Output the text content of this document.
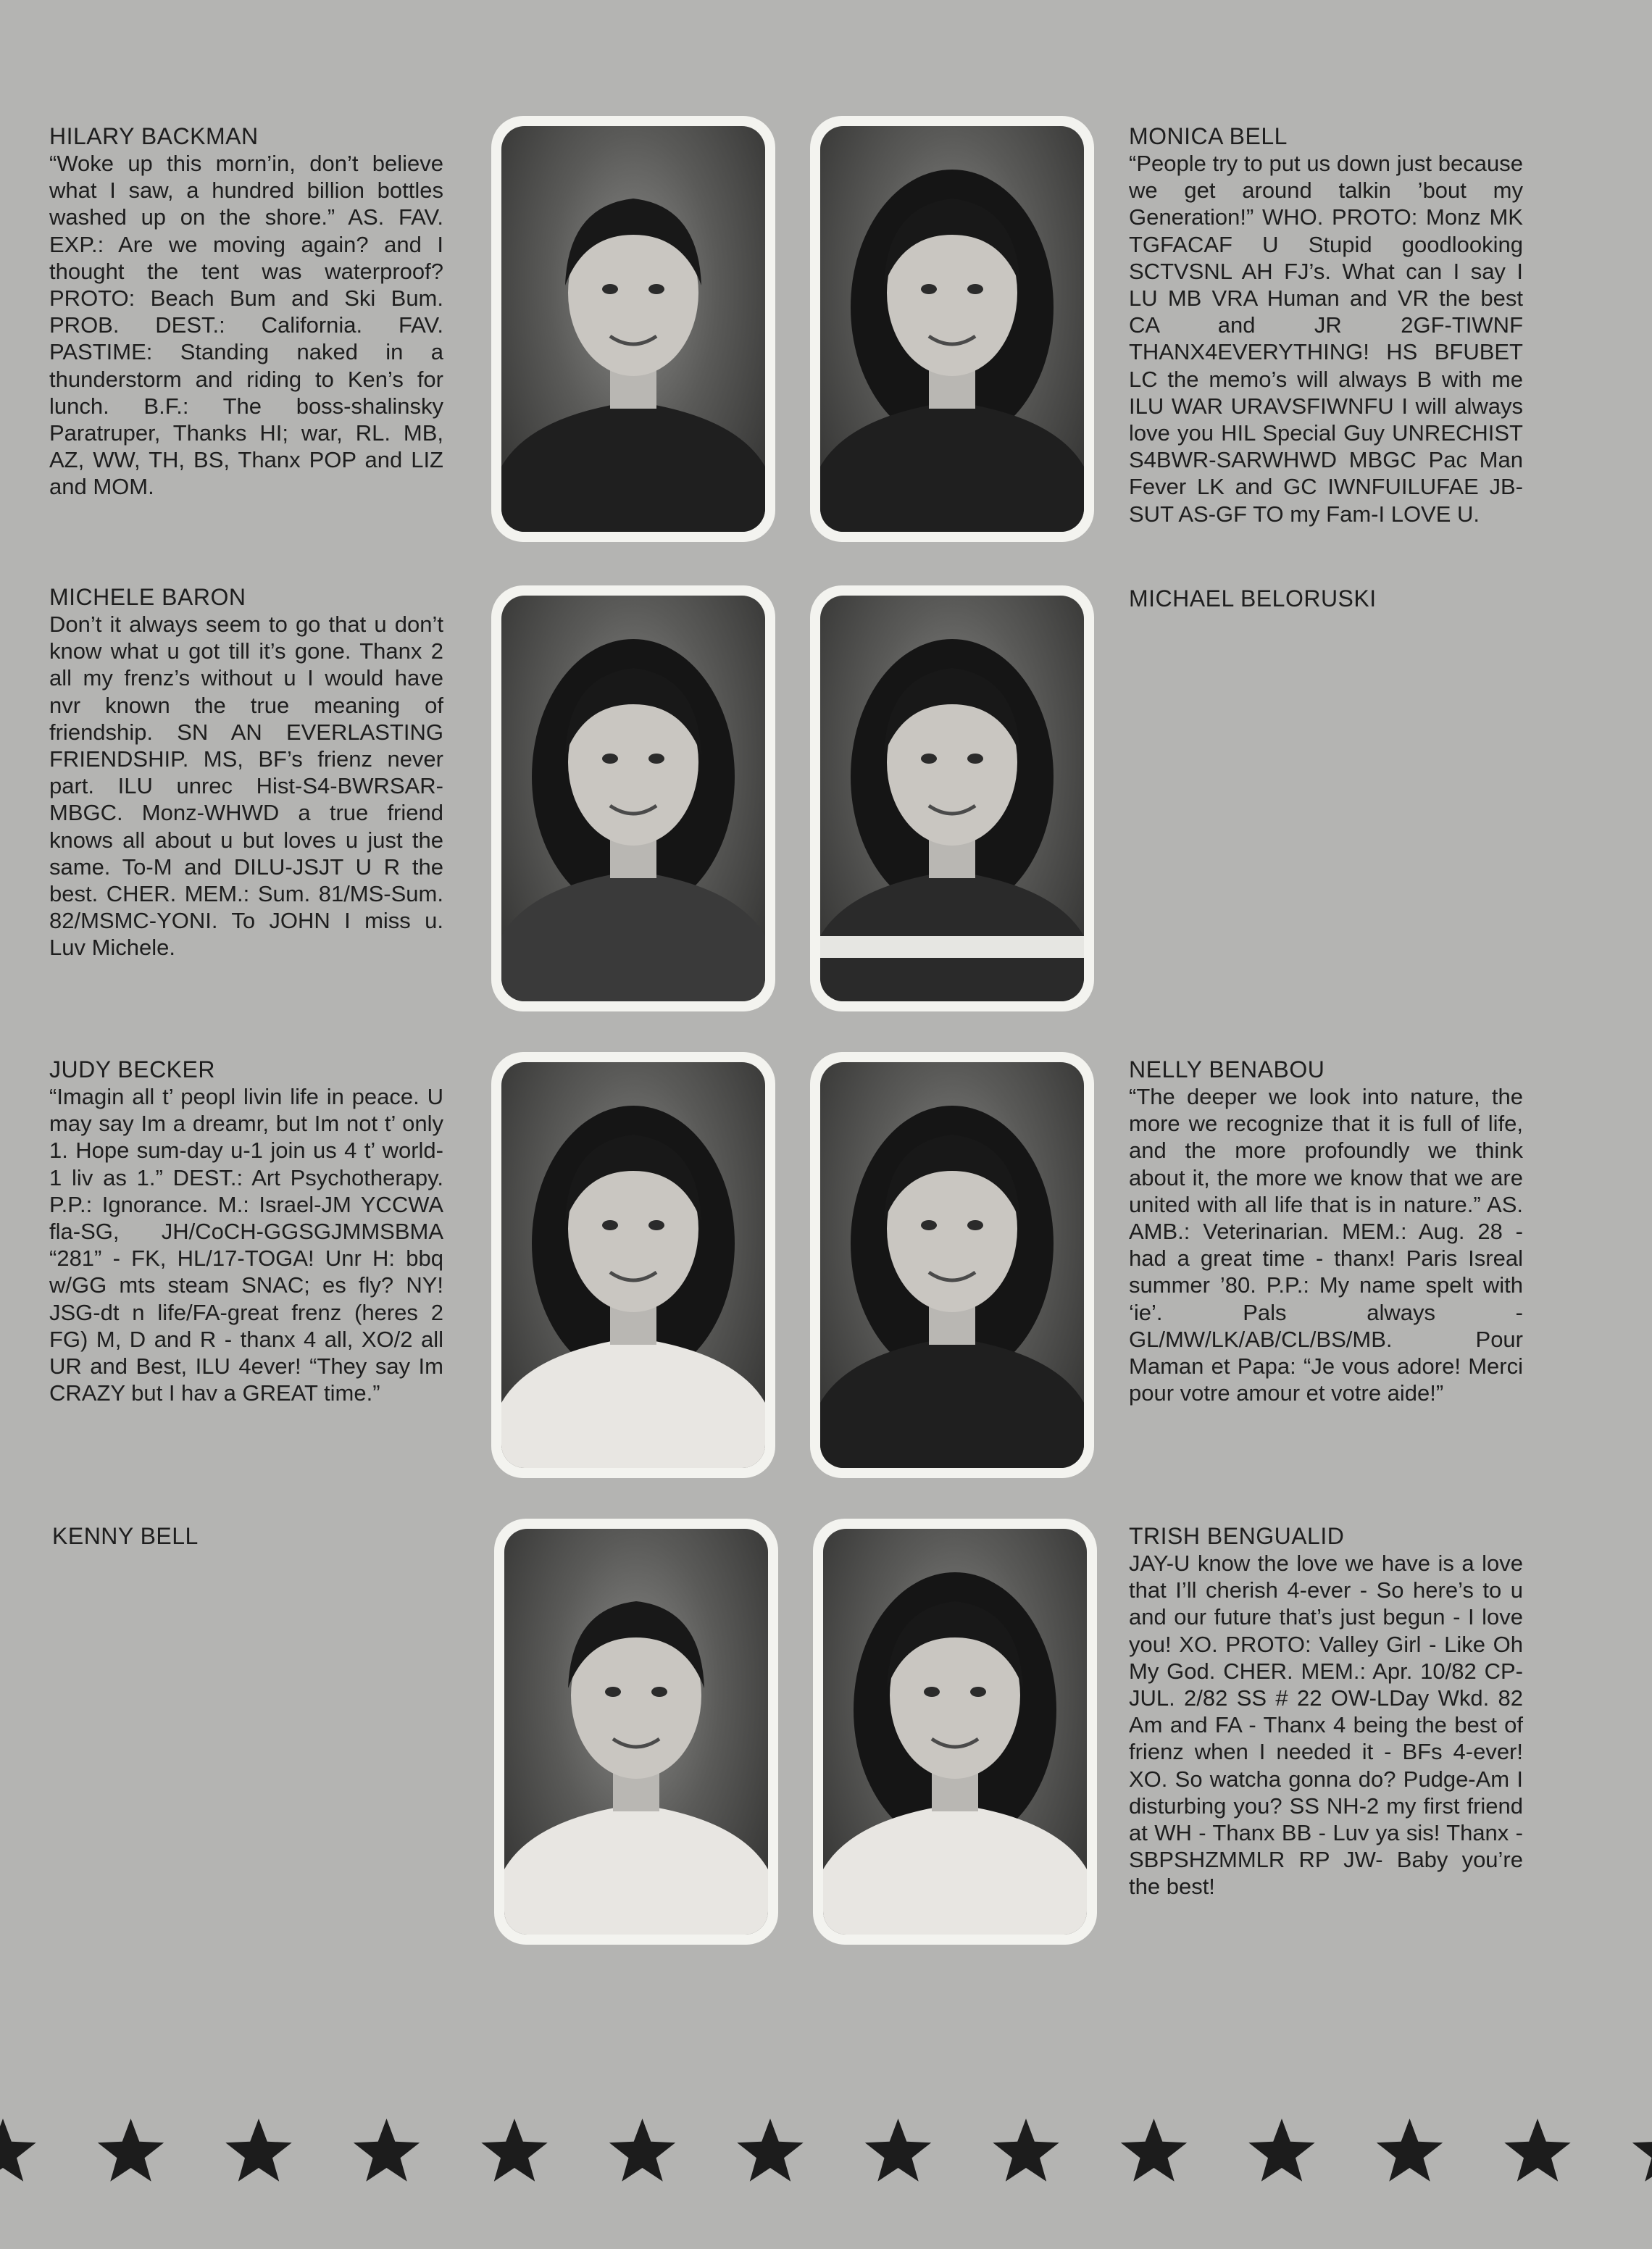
HILARY BACKMAN
“Woke up this morn’in, don’t believe what I saw, a hundred billion bottles washed up on the shore.” AS. FAV. EXP.: Are we moving again? and I thought the tent was waterproof? PROTO: Beach Bum and Ski Bum. PROB. DEST.: California. FAV. PASTIME: Standing naked in a thunderstorm and riding to Ken’s for lunch. B.F.: The boss-shalinsky Paratruper, Thanks HI; war, RL. MB, AZ, WW, TH, BS, Thanx POP and LIZ and MOM.
MONICA BELL
“People try to put us down just because we get around talkin ’bout my Generation!” WHO. PROTO: Monz MK TGFACAF U Stupid goodlooking SCTVSNL AH FJ’s. What can I say I LU MB VRA Human and VR the best CA and JR 2GF-TIWNF THANX4EVERYTHING! HS BFUBET LC the memo’s will always B with me ILU WAR URAVSFIWNFU I will always love you HIL Special Guy UNRECHIST S4BWR-SARWHWD MBGC Pac Man Fever LK and GC IWNFUILUFAE JB-SUT AS-GF TO my Fam-I LOVE U.
MICHELE BARON
Don’t it always seem to go that u don’t know what u got till it’s gone. Thanx 2 all my frenz’s without u I would have nvr known the true meaning of friendship. SN AN EVERLASTING FRIENDSHIP. MS, BF’s frienz never part. ILU unrec Hist-S4-BWRSAR-MBGC. Monz-WHWD a true friend knows all about u but loves u just the same. To-M and DILU-JSJT U R the best. CHER. MEM.: Sum. 81/MS-Sum. 82/MSMC-YONI. To JOHN I miss u. Luv Michele.
MICHAEL BELORUSKI
JUDY BECKER
“Imagin all t’ peopl livin life in peace. U may say Im a dreamr, but Im not t’ only 1. Hope sum-day u-1 join us 4 t’ world-1 liv as 1.” DEST.: Art Psychotherapy. P.P.: Ignorance. M.: Israel-JM YCCWA fla-SG, JH/CoCH-GGSGJMMSBMA “281” - FK, HL/17-TOGA! Unr H: bbq w/GG mts steam SNAC; es fly? NY! JSG-dt n life/FA-great frenz (heres 2 FG) M, D and R - thanx 4 all, XO/2 all UR and Best, ILU 4ever! “They say Im CRAZY but I hav a GREAT time.”
NELLY BENABOU
“The deeper we look into nature, the more we recognize that it is full of life, and the more profoundly we think about it, the more we know that we are united with all life that is in nature.” AS. AMB.: Veterinarian. MEM.: Aug. 28 - had a great time - thanx! Paris Isreal summer ’80. P.P.: My name spelt with ‘ie’. Pals always - GL/MW/LK/AB/CL/BS/MB. Pour Maman et Papa: “Je vous adore! Merci pour votre amour et votre aide!”
KENNY BELL	TRISH BENGUALID
JAY-U know the love we have is a love that I’ll cherish 4-ever - So here’s to u and our future that’s just begun - I love you! XO. PROTO: Valley Girl - Like Oh My God. CHER. MEM.: Apr. 10/82 CP-JUL. 2/82 SS # 22 OW-LDay Wkd. 82 Am and FA - Thanx 4 being the best of frienz when I needed it - BFs 4-ever! XO. So watcha gonna do? Pudge-Am I disturbing you? SS NH-2 my first friend at WH - Thanx BB - Luv ya sis! Thanx - SBPSHZMMLR RP JW- Baby you’re the best!
